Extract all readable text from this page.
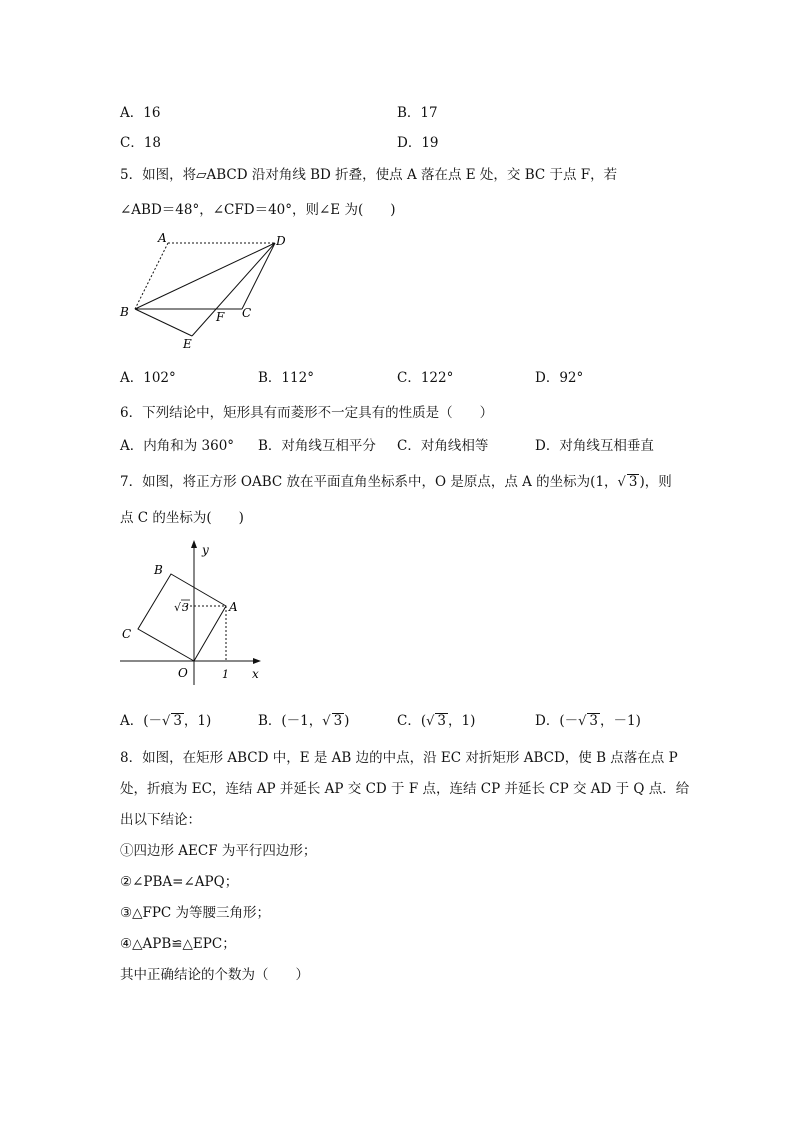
A．16	B．17
C．18	D．19
5．如图，将▱ABCD 沿对角线 BD 折叠，使点 A 落在点 E 处，交 BC 于点 F，若
∠ABD＝48°，∠CFD＝40°，则∠E 为(　　)
A	D
B	F C
E
A．102°	B．112°	C．122°	D．92°
6．下列结论中，矩形具有而菱形不一定具有的性质是（　　）
A．内角和为 360° B．对角线互相平分 C．对角线相等	D．对角线互相垂直
7．如图，将正方形 OABC 放在平面直角坐标系中，O 是原点，点 A 的坐标为(1，√ 3 )，则
点 C 的坐标为(　　)
y
x
B
A
C
O	1
√ 3
A．(－√ 3 ，1)	B．(－1，√ 3 )	C．(√ 3 ，1)	D．(－√ 3 ，－1)
8．如图，在矩形 ABCD 中，E 是 AB 边的中点，沿 EC 对折矩形 ABCD，使 B 点落在点 P
处，折痕为 EC，连结 AP 并延长 AP 交 CD 于 F 点，连结 CP 并延长 CP 交 AD 于 Q 点．给
出以下结论：
①四边形 AECF 为平行四边形；
②∠PBA=∠APQ；
③△FPC 为等腰三角形；
④△APB≌△EPC；
其中正确结论的个数为（　　）
